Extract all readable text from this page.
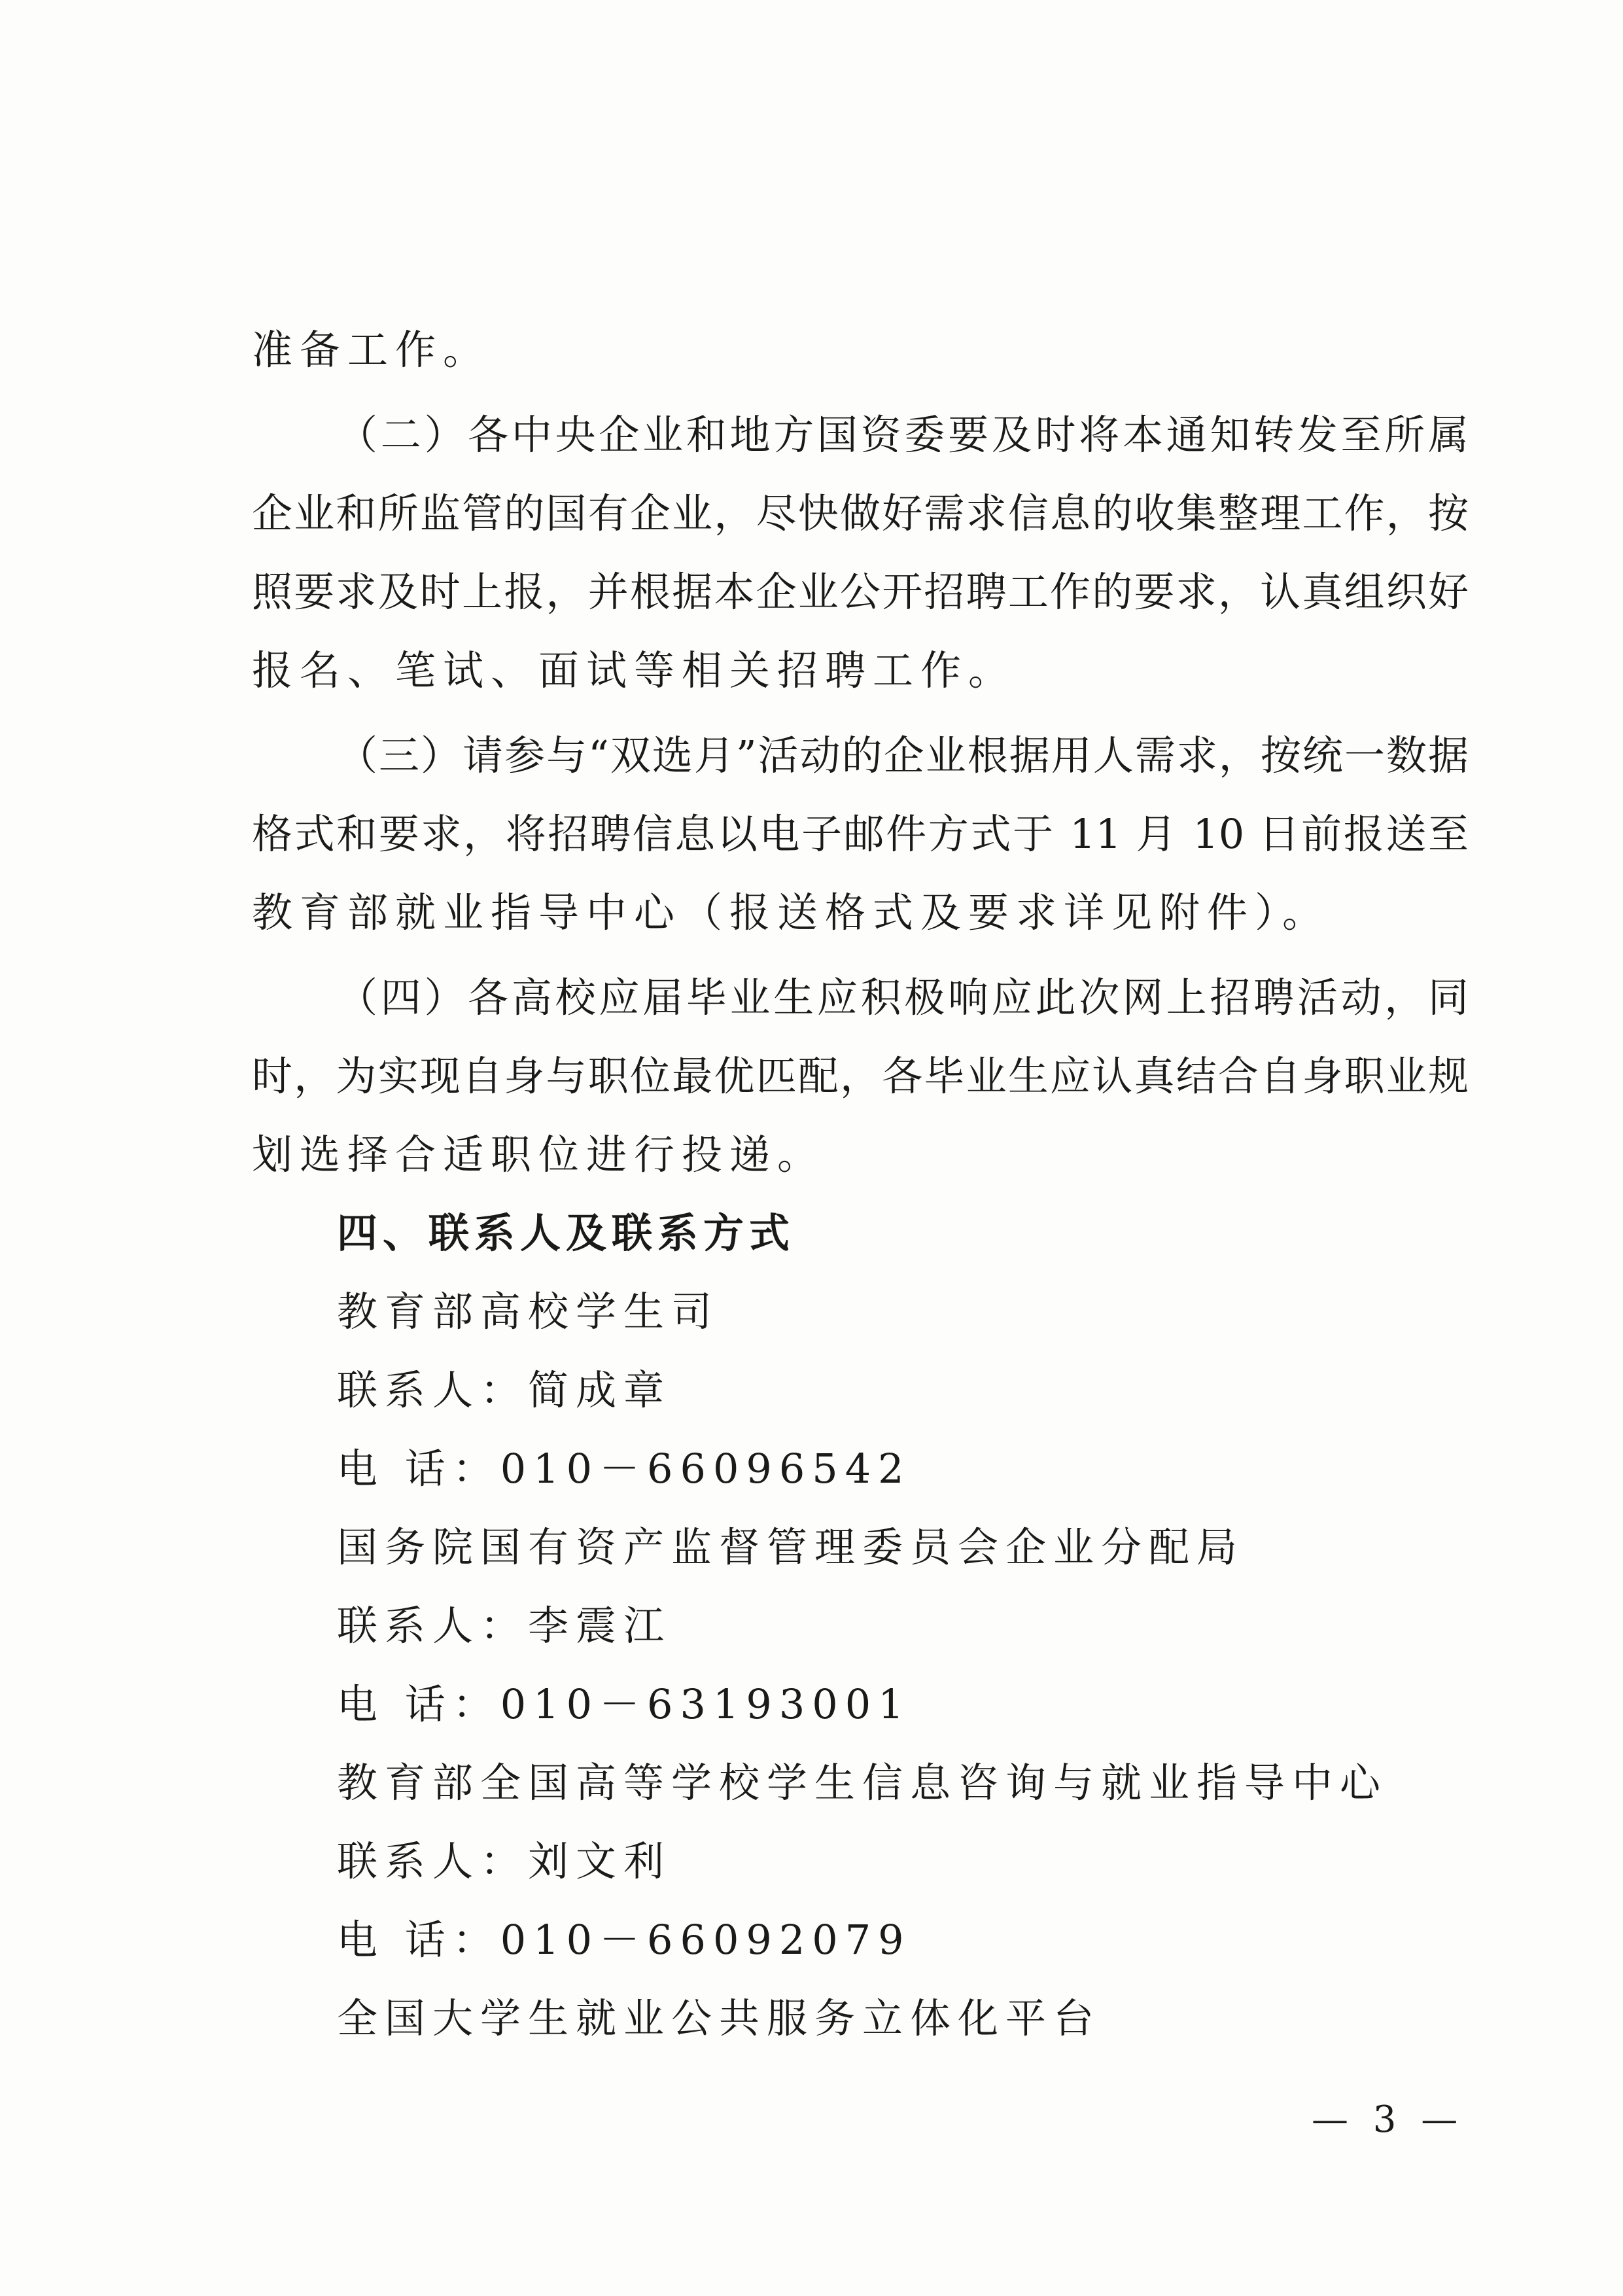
准备工作。
（二）各中央企业和地方国资委要及时将本通知转发至所属
企业和所监管的国有企业，尽快做好需求信息的收集整理工作，按
照要求及时上报，并根据本企业公开招聘工作的要求，认真组织好
报名、笔试、面试等相关招聘工作。
（三）请参与“双选月”活动的企业根据用人需求，按统一数据
格式和要求，将招聘信息以电子邮件方式于 11 月 10 日前报送至
教育部就业指导中心（报送格式及要求详见附件）。
（四）各高校应届毕业生应积极响应此次网上招聘活动，同
时，为实现自身与职位最优匹配，各毕业生应认真结合自身职业规
划选择合适职位进行投递。
四、联系人及联系方式
教育部高校学生司
联系人：简成章
电 话：010－66096542
国务院国有资产监督管理委员会企业分配局
联系人：李震江
电 话：010－63193001
教育部全国高等学校学生信息咨询与就业指导中心
联系人：刘文利
电 话：010－66092079
全国大学生就业公共服务立体化平台
— 3 —
